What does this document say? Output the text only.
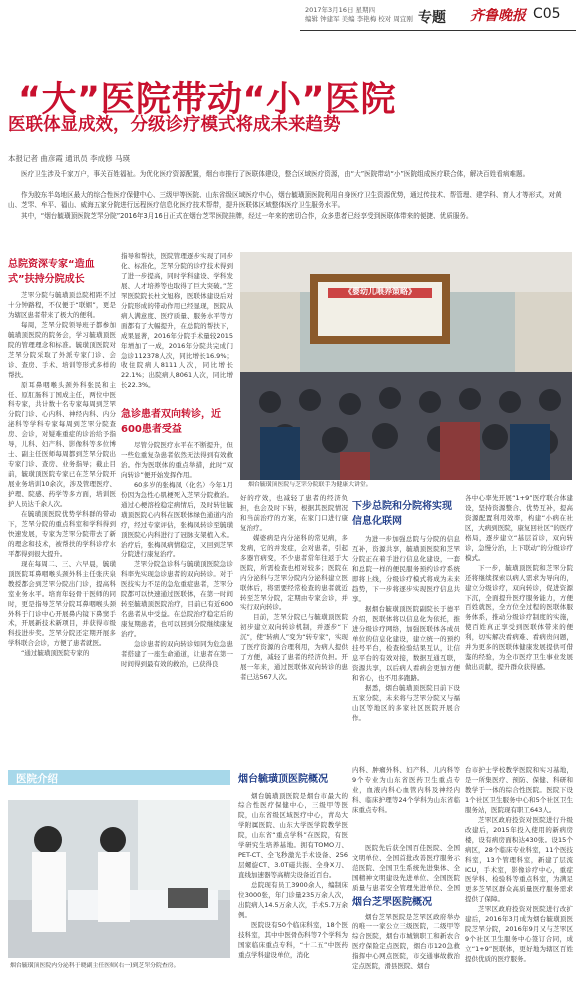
2017年3月16日 星期四
编辑 钟建军 美编 李艳梅 校对 周宜刚 专题 齐鲁晚报 C05
“大”医院带动“小”医院
医联体显成效，分级诊疗模式将成未来趋势
本报记者 曲彦霞 通讯员 李成修 马瑛
医疗卫生涉及千家万户，事关百姓福祉。为优化医疗资源配置，烟台市推行了医联体建设，整合区域医疗资源，由“大”医院带动“小”医院组成医疗联合体，解决百姓看病难题。
作为胶东半岛地区最大的综合性医疗保健中心、三级甲等医院、山东省级区域医疗中心，烟台毓璜顶医院利用自身医疗卫生资源优势，通过传技术、帮管理、建学科、育人才等形式，对黄山、芝罘、牟平、福山、威海五家分院进行远程医疗信息化医疗技术帮带，提升医联体区域整体医疗卫生服务水平。
其中，“烟台毓璜顶医院芝罘分院”2016年3月16日正式在烟台芝罘医院挂牌，经过一年来的密切合作，众多患者已经享受到医联体带来的便捷、优质服务。
总院资深专家“造血式”扶持分院成长

芝罘分院与毓璜顶总院相距不过十分钟路程，不仅便于“联姻”，更是为辖区患者带来了极大的便利。

每周，芝罘分院领导班子都参加毓璜顶医院的院务会，学习毓璜顶医院的管理理念和标准。毓璜顶医院对芝罘分院采取了外派专家门诊、会诊、查房、手术、培训等形式多样的帮扶。

原耳鼻咽喉头颈外科张民和主任、原肛肠科丁国成主任，两位中医科专家，共计数十名专家每周到芝罘分院门诊、心内科、神经内科、内分泌科等学科专家每周到芝罘分院查房、会诊，对疑难重症的诊治给予指导，儿科、妇产科、影像科等多位博士、副主任医师每周都到芝罘分院出专家门诊、查房、业务指导；截止目前，毓璜顶医院专家已在芝罘分院开展业务培训10余次，涉及管理医疗、护理、院感、药学等多方面，培训医护人员达千余人次。

在毓璜顶医院优势学科群的带动下，芝罘分院的重点科室和学科得到快速发展，专家为芝罘分院带去了新的理念和技术，被帮扶的学科诊疗水平都得到很大提升。

现在每周二、三、六早晨，毓璜顶医院耳鼻咽喉头颈外科主任张庆泉教授都会到芝罘分院出门诊，提高科室业务水平。培育年轻骨干医师的同时，更是指导芝罘分院耳鼻咽喉头颈外科于门诊中心开展鼻内镜下鼻窦手术，开展新技术新项目，并获得市级科技进步奖。芝罘分院还定期开展多学科联合会诊，方便了患者就医。

“通过毓璜顶医院专家的

指导和帮扶，医院管理逐步实现了同步化、标准化，芝罘分院的诊疗技术得到了进一步提高，同时学科建设、学科发展、人才培养等也取得了巨大突破。”芝罘医院院长杜文旭称，医联体建设后对分院形成的带动作用已经显现，医院从病人满意度、医疗质量、服务水平等方面都有了大幅提升，在总院的帮扶下，成果显著，2016年分院手术量较2015年增加了一成，2016年分院共完成门急诊112378人次，同比增长16.9%；收住院病人8111人次，同比增长22.1%；出院病人8061人次，同比增长22.3%。
急诊患者双向转诊，近600患者受益

尽管分院医疗水平在不断提升，但一些危重复杂患者依然无法得到有效救治。作为医联体的重点举措，此时“双向转诊”便开始发挥作用。

60多岁的张梅凤（化名）今年1月份因为急性心肌梗死入芝罘分院救治。通过心梗溶栓稳定病情后，及时转往毓璜顶医院心内科在医联体绿色通道内治疗，经过专家评估，张梅凤转诊至毓璜顶医院心内科进行了冠脉支架植入术。治疗后，张梅凤病情稳定，又回到芝罘分院进行康复治疗。

芝罘分院急诊科与毓璜顶医院急诊科率先实现急诊患者的双向转诊。对于医技实力不足的急危重症患者，芝罘分院都可以快速通过医联体，在第一时间转至毓璜顶医院治疗，目前已有近600名患者从中受益。在总院治疗稳定后的康复期患者，也可以回到分院继续康复治疗。

急诊患者的双向转诊如同为危急患者搭建了一座生命通道，让患者在第一时间得到最有效的救治，已获得良

《婴幼儿喂养策略》
烟台毓璜顶医院与芝罘分院联手为健康大讲堂。

好的疗效，也减轻了患者的经济负担，也会及时下转，根据其医院情况和当前治疗的方案，在家门口进行康复治疗。

媒婆病是内分泌科的常见病，多发病，它的并发症，会对患者，引起多器官病变，不少患者常年往返于大医院，所需检查也相对较多；医院在内分泌科与芝罘分院内分泌科建立医联体后，将需要经常检查的患者就近转至芝罘分院，定期由专家会诊，并实行双向转诊。

目前，芝罘分院已与毓璜顶医院初步建立双向转诊机制，并逐步“下沉”，使“转病人”变为“转专家”，实现了医疗资源的合理利用，为病人提供了方便，减轻了患者的经济负担。开展一年来，通过医联体双向转诊的患者已达567人次。

下步总院和分院将实现信息化联网

为进一步加强总院与分院的信息互补，资源共享，毓璜顶医院和芝罘分院正在着手进行信息化建设，一套和总院一样的便民服务预约诊疗系统即将上线，分级诊疗模式将成为未来趋势，下一步将逐步实现医疗信息共享。

据烟台毓璜顶医院副院长于德平介绍，医联体将以信息化为依托，推进分级诊疗网络，加强医联体各成员单位的信息化建设，建立统一的预约挂号平台，检查检验结果互认，让信息平台的有效对接，数据互通互联，资源共享，以后病人看病会更加方便和省心，也不用多跑路。

据悉，烟台毓璜顶医院目前下设五家分院，未来将与芝罘分院又与福山区等地区的多家社区医院开展合作。

各中心率先开展“1+9”医疗联合体建设，坚持资源整合、优势互补，提高资源配置利用效率，构建“小病在社区，大病到医院，康复回社区”的医疗格局，逐步建立“基层首诊，双向转诊，急慢分治，上下联动”的分级诊疗模式。

下一步，毓璜顶医院和芝罘分院还将继续探索以病人需求为导向的，建立分级诊疗，双向转诊，促进资源下沉，全面提升医疗服务能力，方便百姓就医，全方位全过程的医联体服务体系，推动分级诊疗制度的实施，使百姓真正享受到医联体带来的便利，切实解决看病难、看病贵问题，并为更多的医联体健康发展提供可借鉴的经验，为全市医疗卫生事业发展做出贡献，提升群众获得感。

医院介绍
烟台毓璜顶医院内分泌科于晓副主任医师(右一)到芝罘分院查房。
烟台毓璜顶医院概况

烟台毓璜顶医院是烟台市最大的综合性医疗保健中心，三级甲等医院，山东省级区域医疗中心，青岛大学附属医院、山东大学医学院教学医院，山东省“重点学科”在医院，有医学研究生培养基地。拥有TOMO刀、PET-CT、全飞秒激光手术设备、256层螺旋CT、3.0T磁共振、全身X刀、直线加速器等高精尖设备近百台。

总院现有员工3900余人，编制床位3000张，年门诊量235万余人次，出院病人14.5万余人次，手术5.7万余例。

医院设有50个临床科室，18个医技科室，其中中医骨伤科等7个学科为国家临床重点专科，“十二五”中医药重点学科建设单位，消化

内科、肿瘤外科、妇产科、儿内科等9个专业为山东省医药卫生重点专业，血液内科心血管内科及神经内科、临床护理等24个学科为山东省临床重点专科。

医院先后获全国百佳医院、全国文明单位、全国首批改善医疗服务示范医院、全国卫生系统先进集体、全国精神文明建设先进单位、全国医院质量与患者安全管理先进单位、全国

烟台芝罘医院概况

烟台芝罘医院是芝罘区政府举办的唯一一家公立三级医院，二级甲等综合医院，烟台市城镇职工和新农合医疗保险定点医院，烟台市120急救指挥中心网点医院，市交通事故救治定点医院，滑县医院、烟台

台市护士学校教学医院和实习基地，是一所集医疗、预防、保健、科研和教学于一体的综合性医院。医院下设1个社区卫生服务中心和5个社区卫生服务站，医院现有职工643人。

芝罘区政府投资对医院进行升级改建后，2015年投入使用的新病房楼，设有病房面积达430张。设15个病区，28个临床专业科室，11个医技科室，13个管理科室，新建了层流ICU，手术室，影像诊疗中心，重症医学科、检验科等重点科室，为满足更多芝罘区群众高质量医疗服务需求提供了保障。

芝罘区政府投资对医院进行改扩建后，2016年3月成为烟台毓璜顶医院芝罘分院，2016年9月又与芝罘区9个社区卫生服务中心签订合同，成立“1+9”医联体，更好地为辖区百姓提供优质的医疗服务。
